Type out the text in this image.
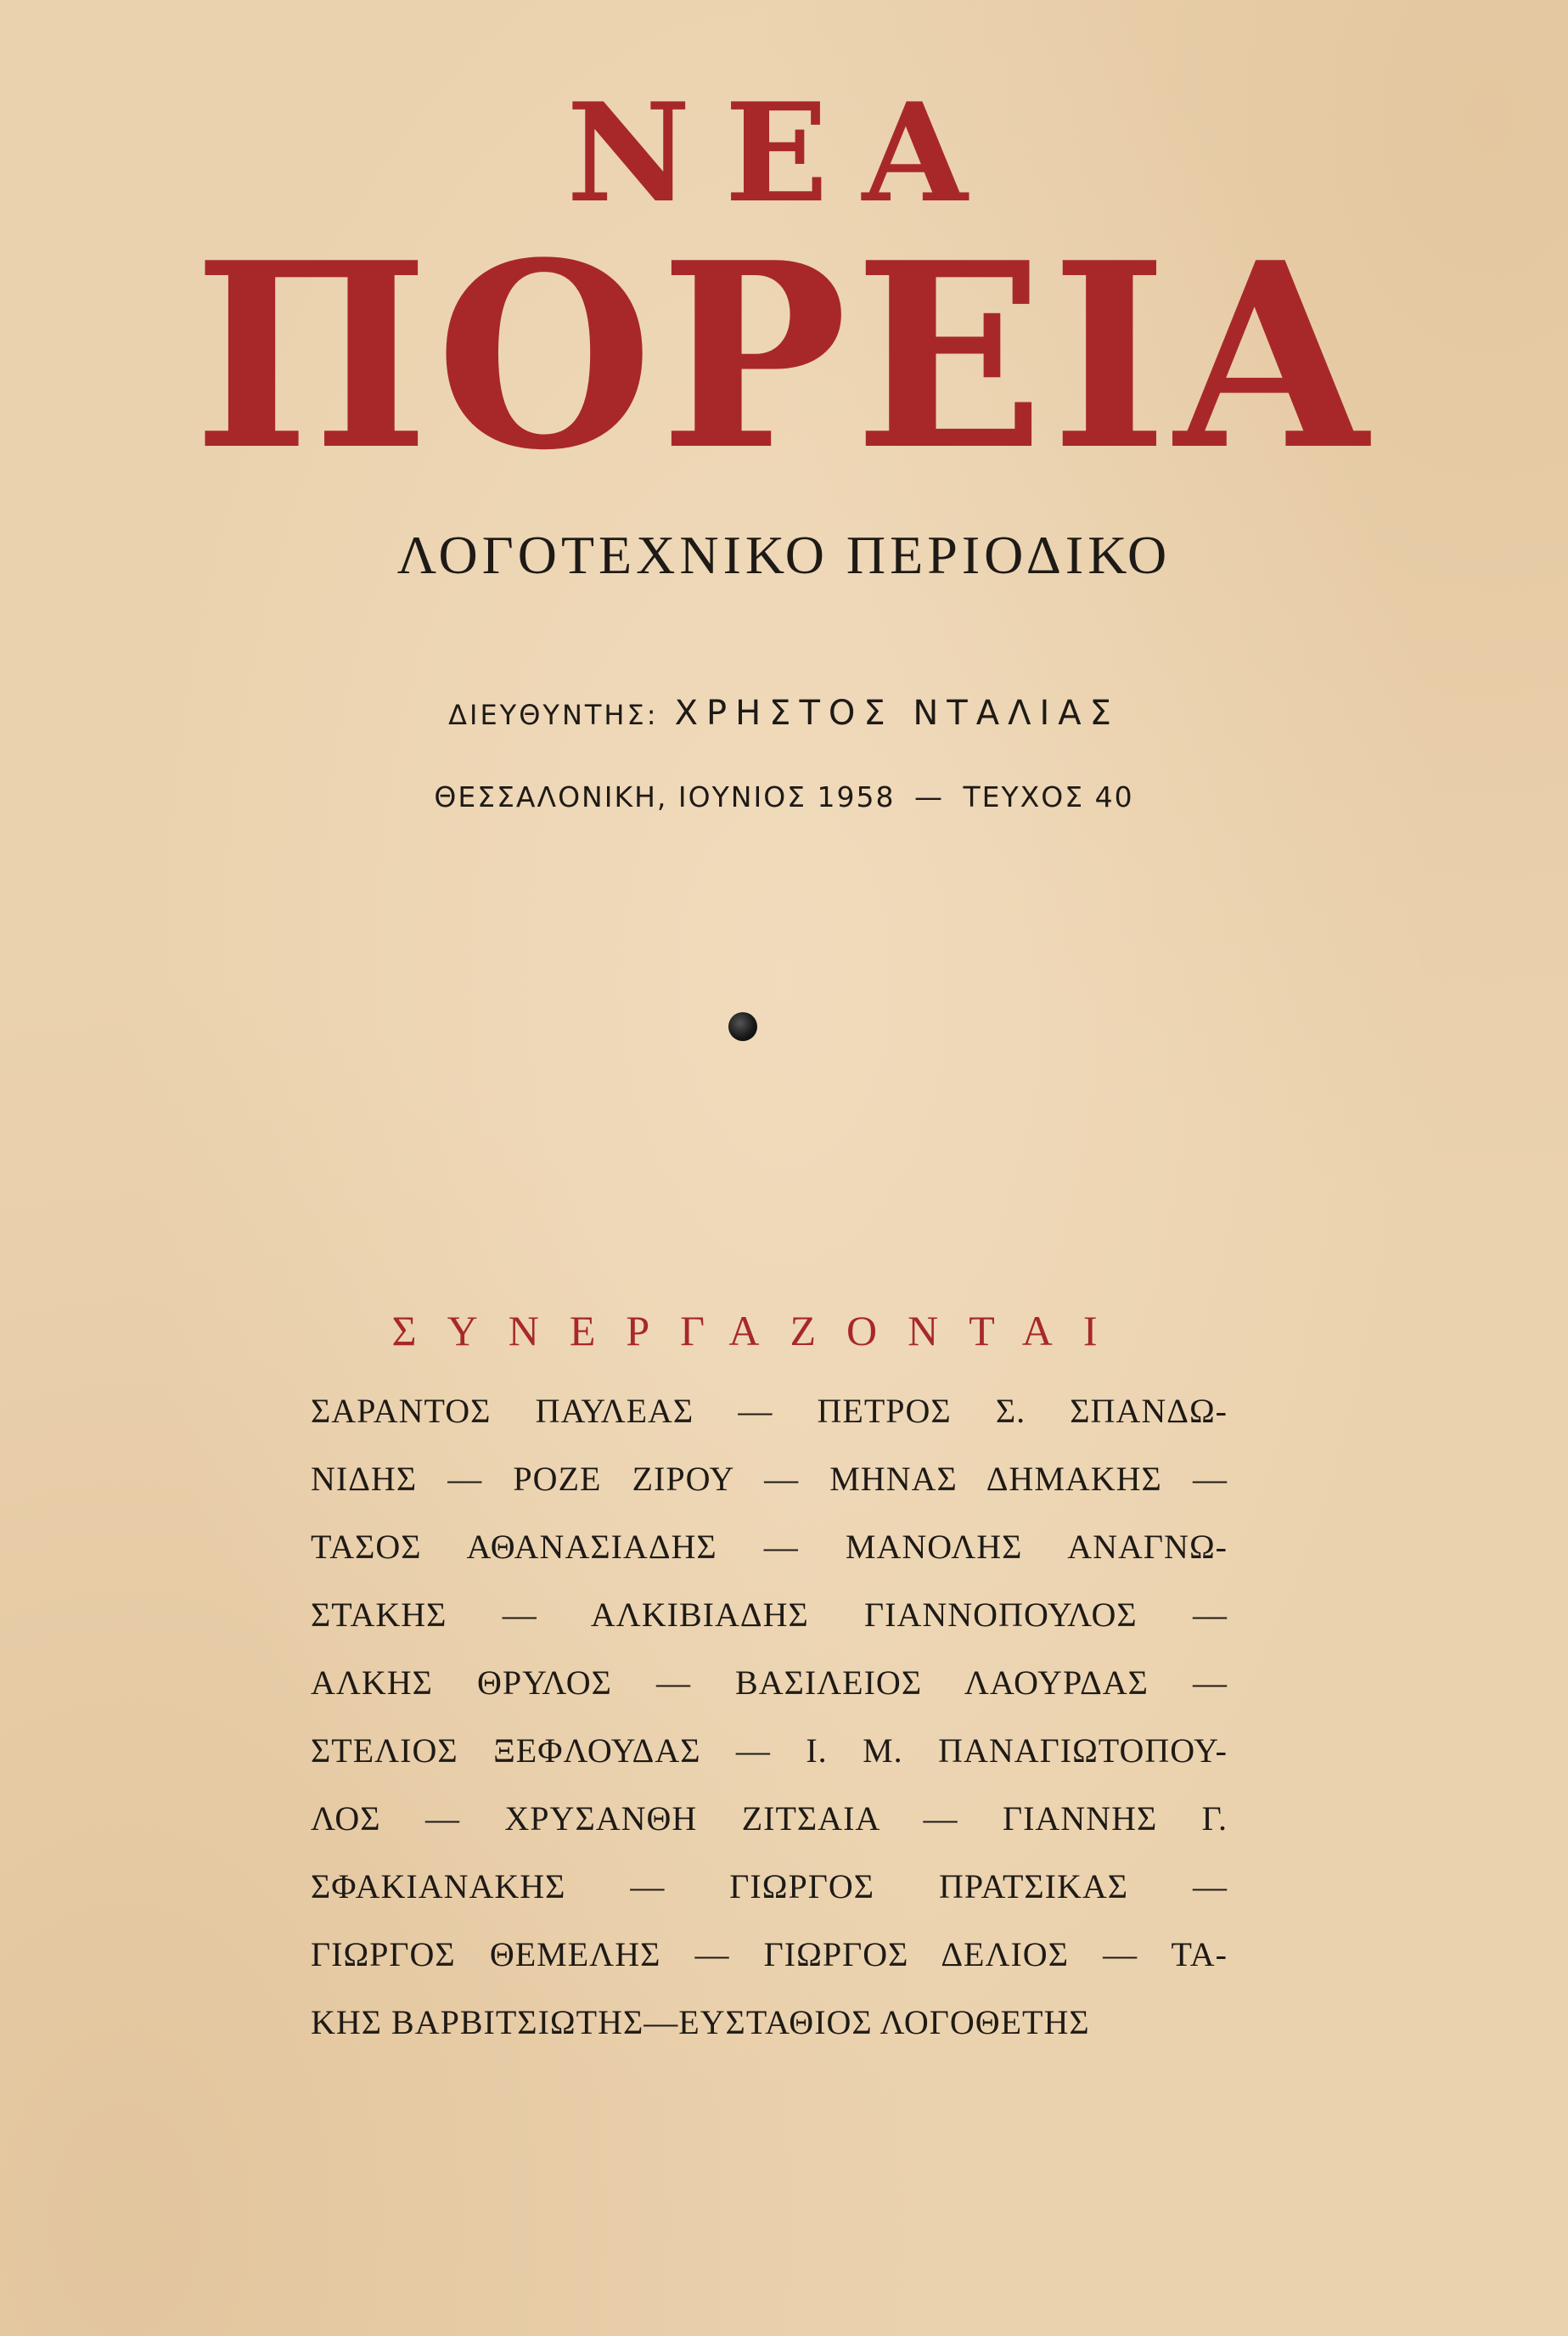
ΝΕΑ
ΠΟΡΕΙΑ
ΛΟΓΟΤΕΧΝΙΚΟ ΠΕΡΙΟΔΙΚΟ
ΔΙΕΥΘΥΝΤΗΣ: ΧΡΗΣΤΟΣ ΝΤΑΛΙΑΣ
ΘΕΣΣΑΛΟΝΙΚΗ, ΙΟΥΝΙΟΣ 1958 — ΤΕΥΧΟΣ 40
ΣΥΝΕΡΓΑΖΟΝΤΑΙ
ΣΑΡΑΝΤΟΣ ΠΑΥΛΕΑΣ — ΠΕΤΡΟΣ Σ. ΣΠΑΝΔΩ-
ΝΙΔΗΣ — ΡΟΖΕ ΖΙΡΟΥ — ΜΗΝΑΣ ΔΗΜΑΚΗΣ —
ΤΑΣΟΣ ΑΘΑΝΑΣΙΑΔΗΣ — ΜΑΝΟΛΗΣ ΑΝΑΓΝΩ-
ΣΤΑΚΗΣ — ΑΛΚΙΒΙΑΔΗΣ ΓΙΑΝΝΟΠΟΥΛΟΣ —
ΑΛΚΗΣ ΘΡΥΛΟΣ — ΒΑΣΙΛΕΙΟΣ ΛΑΟΥΡΔΑΣ —
ΣΤΕΛΙΟΣ ΞΕΦΛΟΥΔΑΣ — Ι. Μ. ΠΑΝΑΓΙΩΤΟΠΟΥ-
ΛΟΣ — ΧΡΥΣΑΝΘΗ ΖΙΤΣΑΙΑ — ΓΙΑΝΝΗΣ Γ.
ΣΦΑΚΙΑΝΑΚΗΣ — ΓΙΩΡΓΟΣ ΠΡΑΤΣΙΚΑΣ —
ΓΙΩΡΓΟΣ ΘΕΜΕΛΗΣ — ΓΙΩΡΓΟΣ ΔΕΛΙΟΣ — ΤΑ-
ΚΗΣ ΒΑΡΒΙΤΣΙΩΤΗΣ—ΕΥΣΤΑΘΙΟΣ ΛΟΓΟΘΕΤΗΣ
